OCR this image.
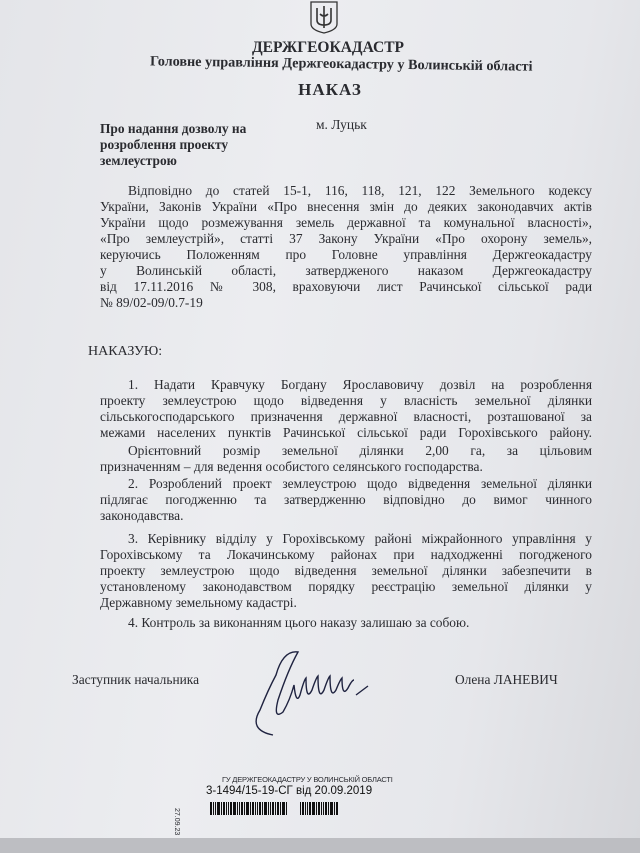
ДЕРЖГЕОКАДАСТР
Головне управління Держгеокадастру у Волинській області
НАКАЗ
м. Луцьк
Про надання дозволу на
розроблення проекту
землеустрою
Відповідно до статей 15-1, 116, 118, 121, 122 Земельного кодексу
України, Законів України «Про внесення змін до деяких законодавчих актів
України щодо розмежування земель державної та комунальної власності»,
«Про землеустрій», статті 37 Закону України «Про охорону земель»,
керуючись Положенням про Головне управління Держгеокадастру
у Волинській області, затвердженого наказом Держгеокадастру
від 17.11.2016 № 308, враховуючи лист Рачинської сільської ради
№ 89/02-09/0.7-19
НАКАЗУЮ:
1. Надати Кравчуку Богдану Ярославовичу дозвіл на розроблення
проекту землеустрою щодо відведення у власність земельної ділянки
сільськогосподарського призначення державної власності, розташованої за
межами населених пунктів Рачинської сільської ради Горохівського району.
Орієнтовний розмір земельної ділянки 2,00 га, за цільовим
призначенням – для ведення особистого селянського господарства.
2. Розроблений проект землеустрою щодо відведення земельної ділянки
підлягає погодженню та затвердженню відповідно до вимог чинного
законодавства.
3. Керівнику відділу у Горохівському районі міжрайонного управління у
Горохівському та Локачинському районах при надходженні погодженого
проекту землеустрою щодо відведення земельної ділянки забезпечити в
установленому законодавством порядку реєстрацію земельної ділянки у
Державному земельному кадастрі.
4. Контроль за виконанням цього наказу залишаю за собою.
Заступник начальника	Олена ЛАНЕВИЧ
ГУ ДЕРЖГЕОКАДАСТРУ У ВОЛИНСЬКІЙ ОБЛАСТІ
3-1494/15-19-СГ від 20.09.2019
27.09.23
